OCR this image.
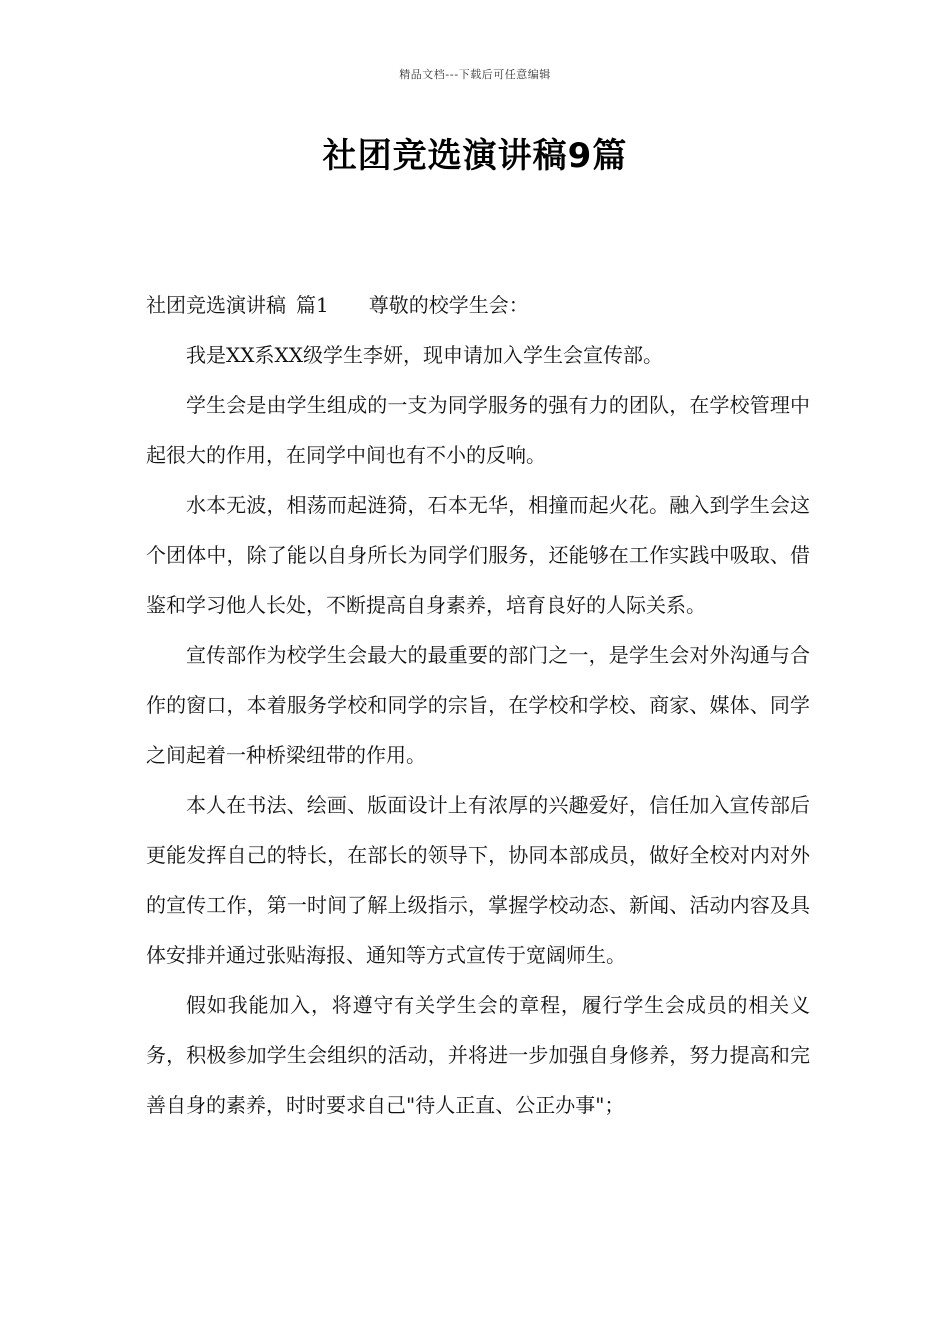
精品文档---下载后可任意编辑
社团竞选演讲稿9篇

社团竞选演讲稿 篇1 尊敬的校学生会：

我是XX系XX级学生李妍，现申请加入学生会宣传部。

学生会是由学生组成的一支为同学服务的强有力的团队，在学校管理中起很大的作用，在同学中间也有不小的反响。

水本无波，相荡而起涟猗，石本无华，相撞而起火花。融入到学生会这个团体中，除了能以自身所长为同学们服务，还能够在工作实践中吸取、借鉴和学习他人长处，不断提高自身素养，培育良好的人际关系。

宣传部作为校学生会最大的最重要的部门之一，是学生会对外沟通与合作的窗口，本着服务学校和同学的宗旨，在学校和学校、商家、媒体、同学之间起着一种桥梁纽带的作用。

本人在书法、绘画、版面设计上有浓厚的兴趣爱好，信任加入宣传部后更能发挥自己的特长，在部长的领导下，协同本部成员，做好全校对内对外的宣传工作，第一时间了解上级指示，掌握学校动态、新闻、活动内容及具体安排并通过张贴海报、通知等方式宣传于宽阔师生。

假如我能加入，将遵守有关学生会的章程，履行学生会成员的相关义务，积极参加学生会组织的活动，并将进一步加强自身修养，努力提高和完善自身的素养，时时要求自己"待人正直、公正办事"；
